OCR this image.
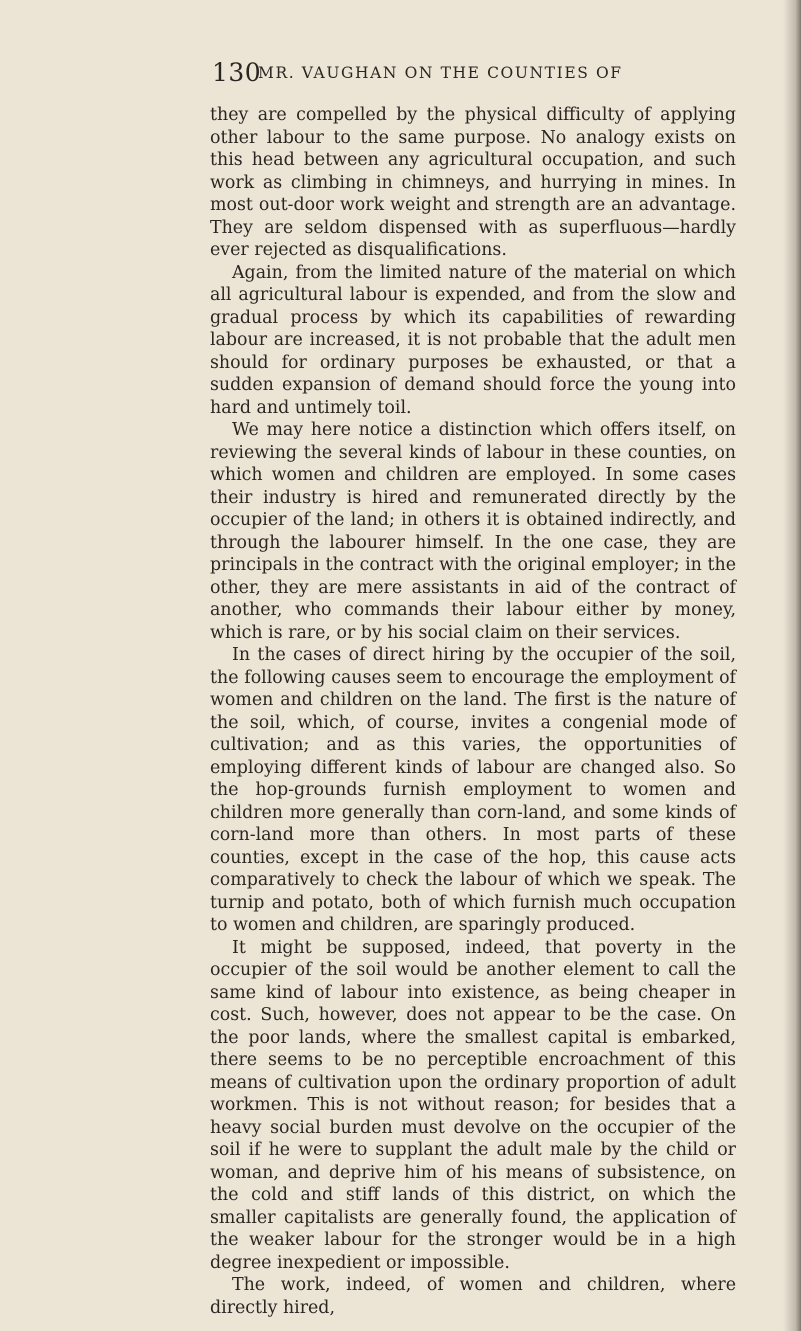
130
MR. VAUGHAN ON THE COUNTIES OF

they are compelled by the physical difficulty of applying other labour to the same purpose. No analogy exists on this head between any agricultural occupation, and such work as climbing in chimneys, and hurrying in mines. In most out-door work weight and strength are an advantage. They are seldom dispensed with as superfluous—hardly ever rejected as disqualifications.

Again, from the limited nature of the material on which all agricultural labour is expended, and from the slow and gradual process by which its capabilities of rewarding labour are increased, it is not probable that the adult men should for ordinary purposes be exhausted, or that a sudden expansion of demand should force the young into hard and untimely toil.

We may here notice a distinction which offers itself, on reviewing the several kinds of labour in these counties, on which women and children are employed. In some cases their industry is hired and remunerated directly by the occupier of the land; in others it is obtained indirectly, and through the labourer himself. In the one case, they are principals in the contract with the original employer; in the other, they are mere assistants in aid of the contract of another, who commands their labour either by money, which is rare, or by his social claim on their services.

In the cases of direct hiring by the occupier of the soil, the following causes seem to encourage the employment of women and children on the land. The first is the nature of the soil, which, of course, invites a congenial mode of cultivation; and as this varies, the opportunities of employing different kinds of labour are changed also. So the hop-grounds furnish employment to women and children more generally than corn-land, and some kinds of corn-land more than others. In most parts of these counties, except in the case of the hop, this cause acts comparatively to check the labour of which we speak. The turnip and potato, both of which furnish much occupation to women and children, are sparingly produced.

It might be supposed, indeed, that poverty in the occupier of the soil would be another element to call the same kind of labour into existence, as being cheaper in cost. Such, however, does not appear to be the case. On the poor lands, where the smallest capital is embarked, there seems to be no perceptible encroachment of this means of cultivation upon the ordinary proportion of adult workmen. This is not without reason; for besides that a heavy social burden must devolve on the occupier of the soil if he were to supplant the adult male by the child or woman, and deprive him of his means of subsistence, on the cold and stiff lands of this district, on which the smaller capitalists are generally found, the application of the weaker labour for the stronger would be in a high degree inexpedient or impossible.

The work, indeed, of women and children, where directly hired,
